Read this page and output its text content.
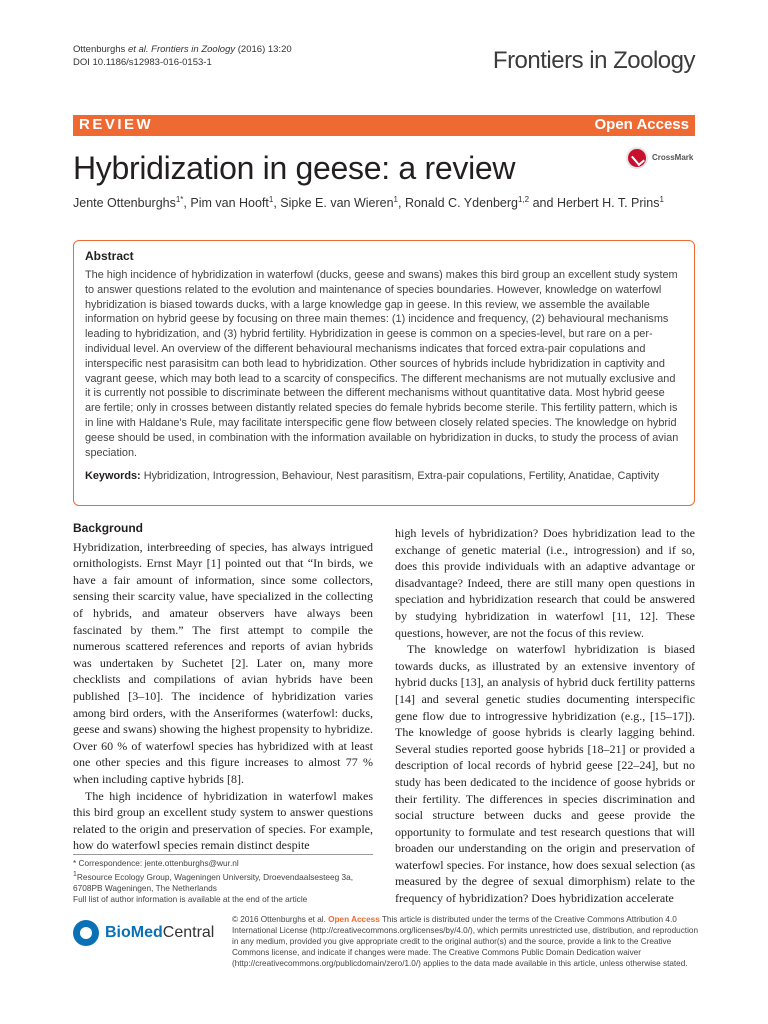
Ottenburghs et al. Frontiers in Zoology (2016) 13:20
DOI 10.1186/s12983-016-0153-1	Frontiers in Zoology
REVIEW	Open Access
Hybridization in geese: a review	CrossMark
Jente Ottenburghs$^{1*}$, Pim van Hooft$^1$, Sipke E. van Wieren$^1$, Ronald C. Ydenberg$^{1,2}$ and Herbert H. T. Prins$^1$
Abstract

The high incidence of hybridization in waterfowl (ducks, geese and swans) makes this bird group an excellent study system to answer questions related to the evolution and maintenance of species boundaries. However, knowledge on waterfowl hybridization is biased towards ducks, with a large knowledge gap in geese. In this review, we assemble the available information on hybrid geese by focusing on three main themes: (1) incidence and frequency, (2) behavioural mechanisms leading to hybridization, and (3) hybrid fertility. Hybridization in geese is common on a species-level, but rare on a per-individual level. An overview of the different behavioural mechanisms indicates that forced extra-pair copulations and interspecific nest parasisitm can both lead to hybridization. Other sources of hybrids include hybridization in captivity and vagrant geese, which may both lead to a scarcity of conspecifics. The different mechanisms are not mutually exclusive and it is currently not possible to discriminate between the different mechanisms without quantitative data. Most hybrid geese are fertile; only in crosses between distantly related species do female hybrids become sterile. This fertility pattern, which is in line with Haldane's Rule, may facilitate interspecific gene flow between closely related species. The knowledge on hybrid geese should be used, in combination with the information available on hybridization in ducks, to study the process of avian speciation.

Keywords: Hybridization, Introgression, Behaviour, Nest parasitism, Extra-pair copulations, Fertility, Anatidae, Captivity
Background

Hybridization, interbreeding of species, has always intrigued ornithologists. Ernst Mayr [1] pointed out that “In birds, we have a fair amount of information, since some collectors, sensing their scarcity value, have specialized in the collecting of hybrids, and amateur observers have always been fascinated by them.” The first attempt to compile the numerous scattered references and reports of avian hybrids was undertaken by Suchetet [2]. Later on, many more checklists and compilations of avian hybrids have been published [3–10]. The incidence of hybridization varies among bird orders, with the Anseriformes (waterfowl: ducks, geese and swans) showing the highest propensity to hybridize. Over 60 % of waterfowl species has hybridized with at least one other species and this figure increases to almost 77 % when including captive hybrids [8].

The high incidence of hybridization in waterfowl makes this bird group an excellent study system to answer questions related to the origin and preservation of species. For example, how do waterfowl species remain distinct despite

high levels of hybridization? Does hybridization lead to the exchange of genetic material (i.e., introgression) and if so, does this provide individuals with an adaptive advantage or disadvantage? Indeed, there are still many open questions in speciation and hybridization research that could be answered by studying hybridization in waterfowl [11, 12]. These questions, however, are not the focus of this review.

The knowledge on waterfowl hybridization is biased towards ducks, as illustrated by an extensive inventory of hybrid ducks [13], an analysis of hybrid duck fertility patterns [14] and several genetic studies documenting interspecific gene flow due to introgressive hybridization (e.g., [15–17]). The knowledge of goose hybrids is clearly lagging behind. Several studies reported goose hybrids [18–21] or provided a description of local records of hybrid geese [22–24], but no study has been dedicated to the incidence of goose hybrids or their fertility. The differences in species discrimination and social structure between ducks and geese provide the opportunity to formulate and test research questions that will broaden our understanding on the origin and preservation of waterfowl species. For instance, how does sexual selection (as measured by the degree of sexual dimorphism) relate to the frequency of hybridization? Does hybridization accelerate

* Correspondence: jente.ottenburghs@wur.nl
$^1$Resource Ecology Group, Wageningen University, Droevendaalsesteeg 3a, 6708PB Wageningen, The Netherlands
Full list of author information is available at the end of the article
BioMedCentral
© 2016 Ottenburghs et al. Open Access This article is distributed under the terms of the Creative Commons Attribution 4.0 International License (http://creativecommons.org/licenses/by/4.0/), which permits unrestricted use, distribution, and reproduction in any medium, provided you give appropriate credit to the original author(s) and the source, provide a link to the Creative Commons license, and indicate if changes were made. The Creative Commons Public Domain Dedication waiver (http://creativecommons.org/publicdomain/zero/1.0/) applies to the data made available in this article, unless otherwise stated.
